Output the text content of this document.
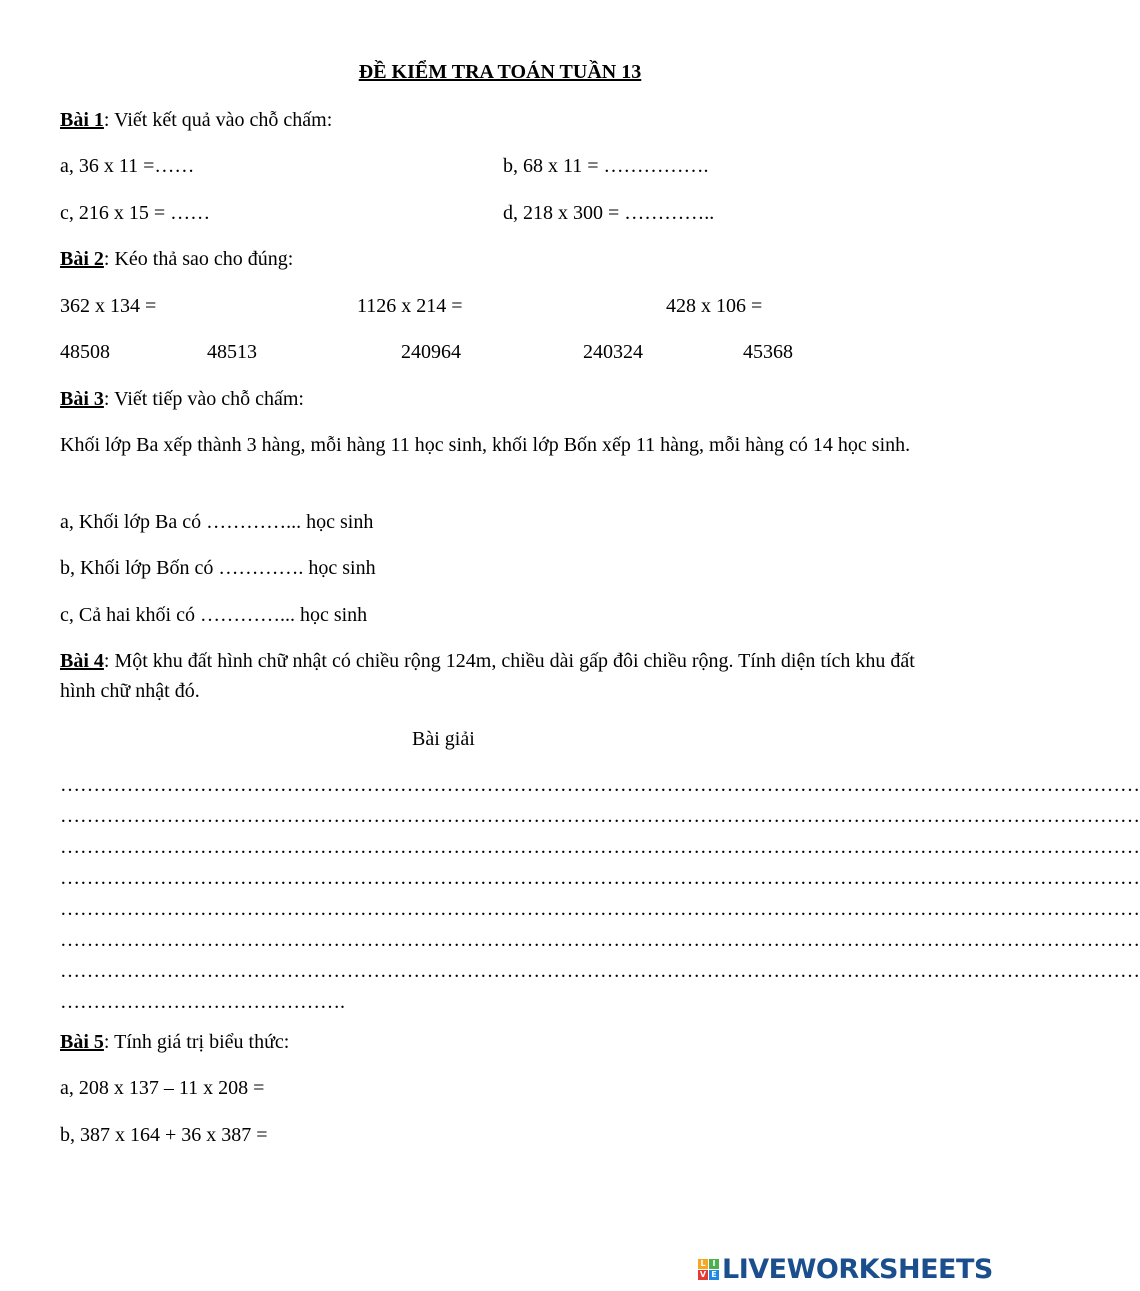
ĐỀ KIỂM TRA TOÁN TUẦN 13
Bài 1: Viết kết quả vào chỗ chấm:
a, 36 x 11 =……	b, 68 x 11 = …………….
c, 216 x 15 = ……	d, 218 x 300 = …………..
Bài 2: Kéo thả sao cho đúng:
362 x 134 =	1126 x 214 =	428 x 106 =
48508	48513	240964	240324	45368
Bài 3: Viết tiếp vào chỗ chấm:
Khối lớp Ba xếp thành 3 hàng, mỗi hàng 11 học sinh, khối lớp Bốn xếp 11 hàng, mỗi hàng có 14 học sinh.
a, Khối lớp Ba có …………... học sinh
b, Khối lớp Bốn có …………. học sinh
c, Cả hai khối có …………... học sinh
Bài 4: Một khu đất hình chữ nhật có chiều rộng 124m, chiều dài gấp đôi chiều rộng. Tính diện tích khu đất hình chữ nhật đó.
Bài giải
………………………………………………………………………………………………………………………………………………
………………………………………………………………………………………………………………………………………………
………………………………………………………………………………………………………………………………………………
………………………………………………………………………………………………………………………………………………
………………………………………………………………………………………………………………………………………………
………………………………………………………………………………………………………………………………………………
………………………………………………………………………………………………………………………………………………
…………………………………….
Bài 5: Tính giá trị biểu thức:
a, 208 x 137 – 11 x 208 =
b, 387 x 164 + 36 x 387 =
L I
V E LIVEWORKSHEETS
